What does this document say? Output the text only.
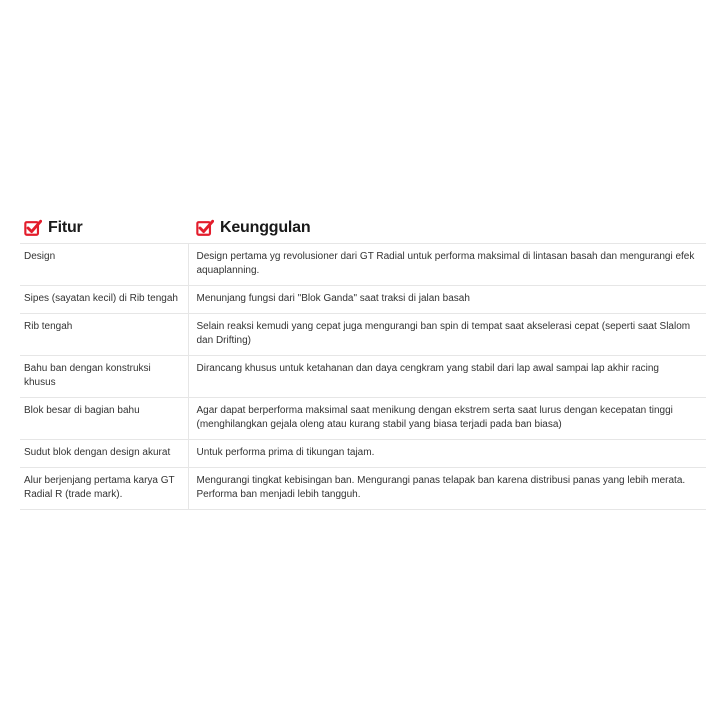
Fitur	Keunggulan

Design	Design pertama yg revolusioner dari GT Radial untuk performa maksimal di lintasan basah dan mengurangi efek aquaplanning.
Sipes (sayatan kecil) di Rib tengah	Menunjang fungsi dari "Blok Ganda" saat traksi di jalan basah
Rib tengah	Selain reaksi kemudi yang cepat juga mengurangi ban spin di tempat saat akselerasi cepat (seperti saat Slalom dan Drifting)
Bahu ban dengan konstruksi khusus	Dirancang khusus untuk ketahanan dan daya cengkram yang stabil dari lap awal sampai lap akhir racing
Blok besar di bagian bahu	Agar dapat berperforma maksimal saat menikung dengan ekstrem serta saat lurus dengan kecepatan tinggi (menghilangkan gejala oleng atau kurang stabil yang biasa terjadi pada ban biasa)
Sudut blok dengan design akurat	Untuk performa prima di tikungan tajam.
Alur berjenjang pertama karya GT Radial R (trade mark).	Mengurangi tingkat kebisingan ban. Mengurangi panas telapak ban karena distribusi panas yang lebih merata. Performa ban menjadi lebih tangguh.
